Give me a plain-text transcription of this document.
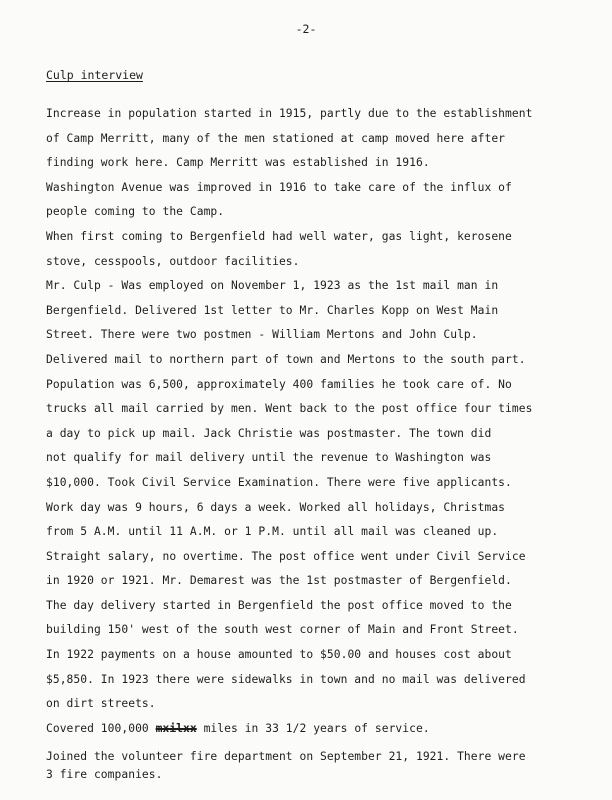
-2-
Culp interview
Increase in population started in 1915, partly due to the establishment
of Camp Merritt, many of the men stationed at camp moved here after
finding work here. Camp Merritt was established in 1916.
Washington Avenue was improved in 1916 to take care of the influx of
people coming to the Camp.
When first coming to Bergenfield had well water, gas light, kerosene
stove, cesspools, outdoor facilities.
Mr. Culp - Was employed on November 1, 1923 as the 1st mail man in
Bergenfield. Delivered 1st letter to Mr. Charles Kopp on West Main
Street. There were two postmen - William Mertons and John Culp.
Delivered mail to northern part of town and Mertons to the south part.
Population was 6,500, approximately 400 families he took care of. No
trucks all mail carried by men. Went back to the post office four times
a day to pick up mail. Jack Christie was postmaster. The town did
not qualify for mail delivery until the revenue to Washington was
$10,000. Took Civil Service Examination. There were five applicants.
Work day was 9 hours, 6 days a week. Worked all holidays, Christmas
from 5 A.M. until 11 A.M. or 1 P.M. until all mail was cleaned up.
Straight salary, no overtime. The post office went under Civil Service
in 1920 or 1921. Mr. Demarest was the 1st postmaster of Bergenfield.
The day delivery started in Bergenfield the post office moved to the
building 150' west of the south west corner of Main and Front Street.
In 1922 payments on a house amounted to $50.00 and houses cost about
$5,850. In 1923 there were sidewalks in town and no mail was delivered
on dirt streets.
Covered 100,000 mxilxx miles in 33 1/2 years of service.
Joined the volunteer fire department on September 21, 1921. There were
3 fire companies.
